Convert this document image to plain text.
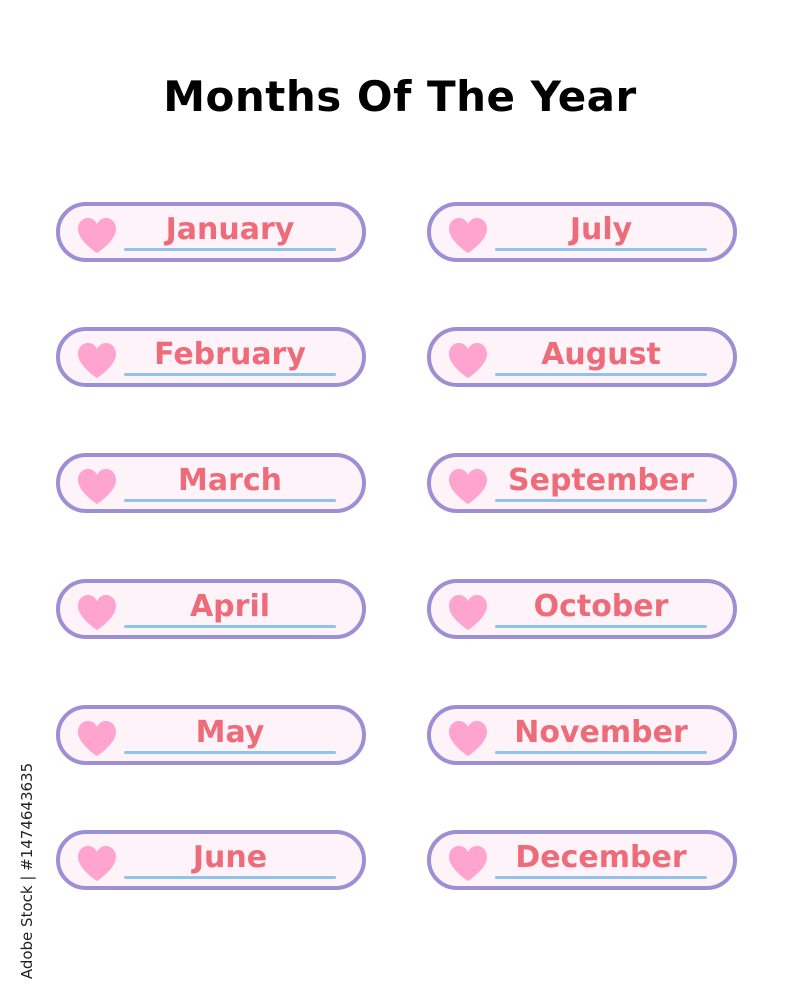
Months Of The Year
January	July
February	August
March	September
April	October
May	November
June	December
Adobe Stock | #1474643635
